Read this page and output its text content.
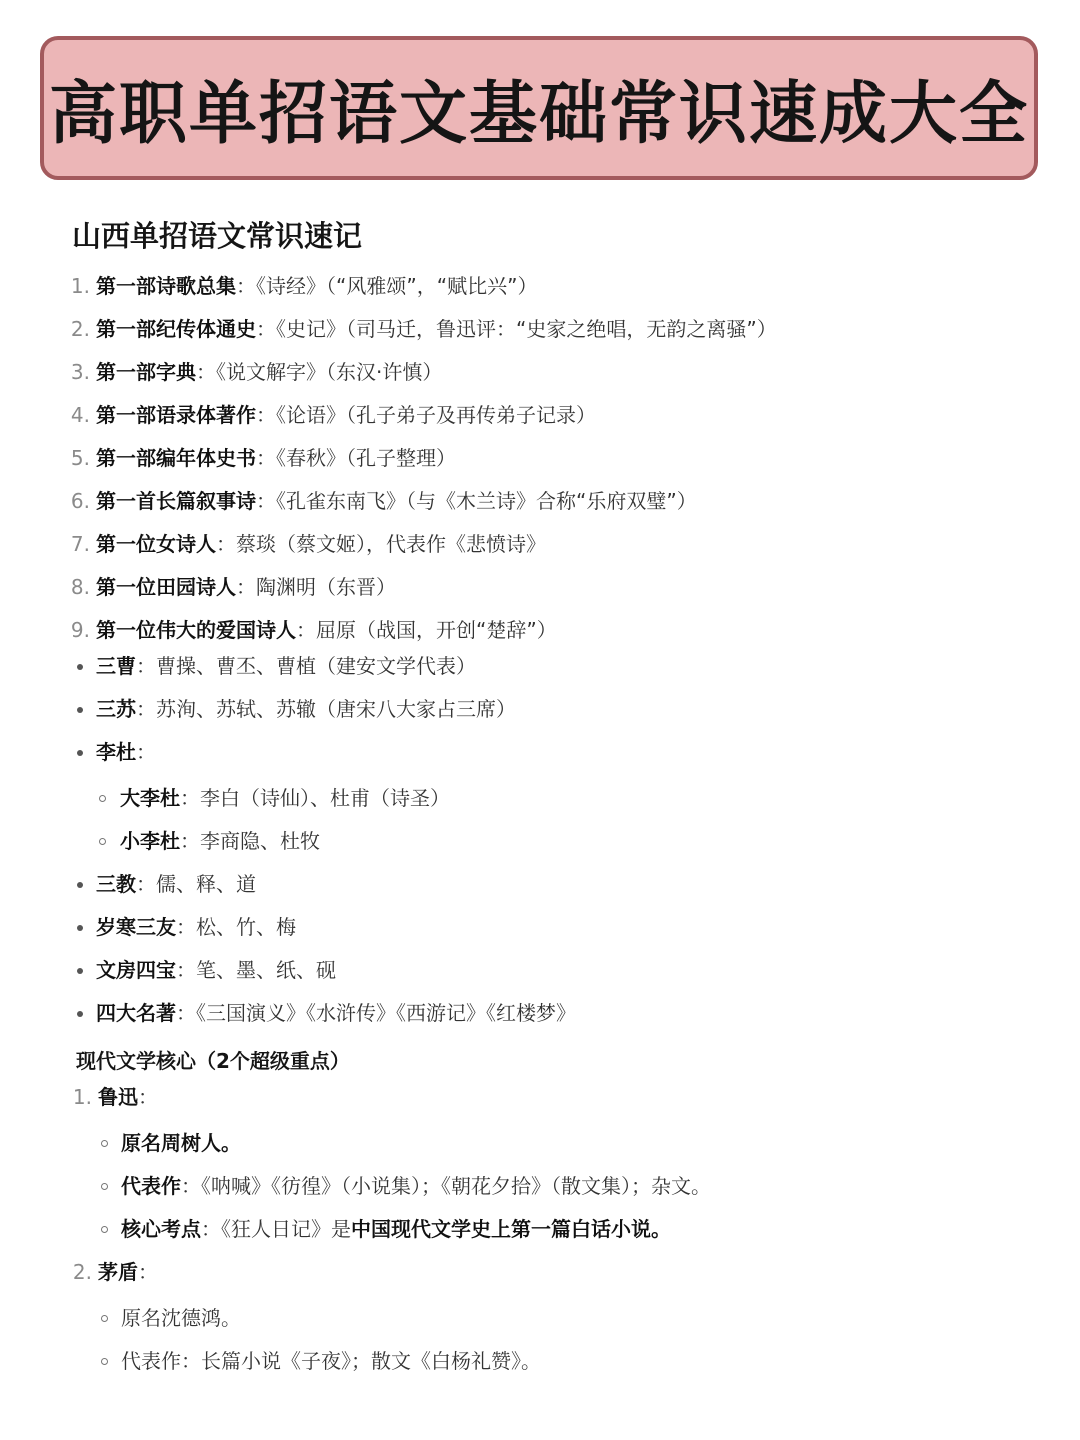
高职单招语文基础常识速成大全
山西单招语文常识速记
1. 第一部诗歌总集：《诗经》（“风雅颂”，“赋比兴”）
2. 第一部纪传体通史：《史记》（司马迁，鲁迅评：“史家之绝唱，无韵之离骚”）
3. 第一部字典：《说文解字》（东汉·许慎）
4. 第一部语录体著作：《论语》（孔子弟子及再传弟子记录）
5. 第一部编年体史书：《春秋》（孔子整理）
6. 第一首长篇叙事诗：《孔雀东南飞》（与《木兰诗》合称“乐府双璧”）
7. 第一位女诗人：蔡琰（蔡文姬），代表作《悲愤诗》
8. 第一位田园诗人：陶渊明（东晋）
9. 第一位伟大的爱国诗人：屈原（战国，开创“楚辞”）
三曹：曹操、曹丕、曹植（建安文学代表）
三苏：苏洵、苏轼、苏辙（唐宋八大家占三席）
李杜：
大李杜：李白（诗仙）、杜甫（诗圣）
小李杜：李商隐、杜牧
三教：儒、释、道
岁寒三友：松、竹、梅
文房四宝：笔、墨、纸、砚
四大名著：《三国演义》《水浒传》《西游记》《红楼梦》
现代文学核心（2个超级重点）
1. 鲁迅：
原名周树人。
代表作：《呐喊》《彷徨》（小说集）；《朝花夕拾》（散文集）；杂文。
核心考点：《狂人日记》是中国现代文学史上第一篇白话小说。
2. 茅盾：
原名沈德鸿。
代表作：长篇小说《子夜》；散文《白杨礼赞》。
